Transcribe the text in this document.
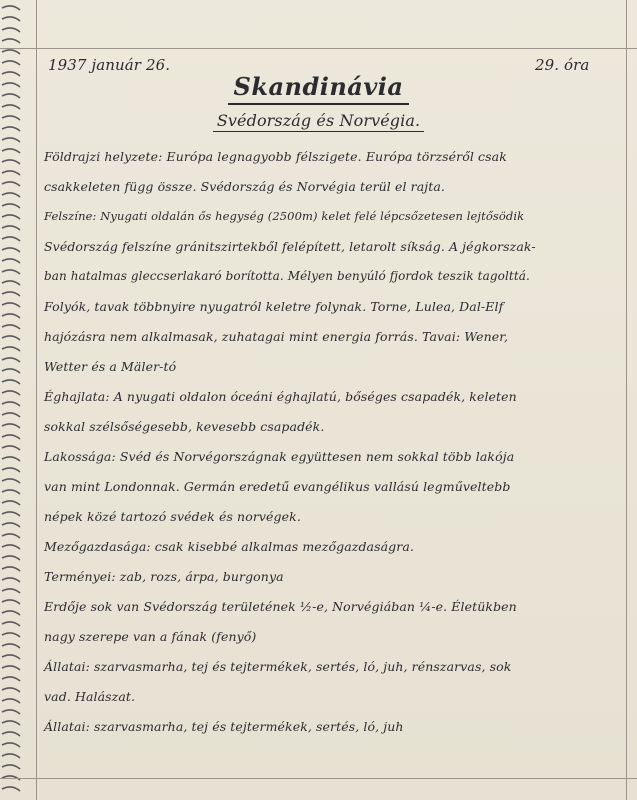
1937 január 26.	29. óra
Skandinávia
Svédország és Norvégia.
Földrajzi helyzete: Európa legnagyobb félszigete. Európa törzséről csak
csakkeleten függ össze. Svédország és Norvégia terül el rajta.
Felszíne: Nyugati oldalán ős hegység (2500m) kelet felé lépcsőzetesen lejtősödik
Svédország felszíne gránitszirtekből felépített, letarolt síkság. A jégkorszak-
ban hatalmas gleccserlakaró borította. Mélyen benyúló fjordok teszik tagolttá.
Folyók, tavak többnyire nyugatról keletre folynak. Torne, Lulea, Dal-Elf
hajózásra nem alkalmasak, zuhatagai mint energia forrás. Tavai: Wener,
Wetter és a Mäler-tó
Éghajlata: A nyugati oldalon óceáni éghajlatú, bőséges csapadék, keleten
sokkal szélsőségesebb, kevesebb csapadék.
Lakossága: Svéd és Norvégországnak együttesen nem sokkal több lakója
van mint Londonnak. Germán eredetű evangélikus vallású legműveltebb
népek közé tartozó svédek és norvégek.
Mezőgazdasága: csak kisebbé alkalmas mezőgazdaságra.
Terményei: zab, rozs, árpa, burgonya
Erdője sok van Svédország területének ½-e, Norvégiában ¼-e. Életükben
nagy szerepe van a fának (fenyő)
Állatai: szarvasmarha, tej és tejtermékek, sertés, ló, juh, rénszarvas, sok
vad. Halászat.
Állatai: szarvasmarha, tej és tejtermékek, sertés, ló, juh
